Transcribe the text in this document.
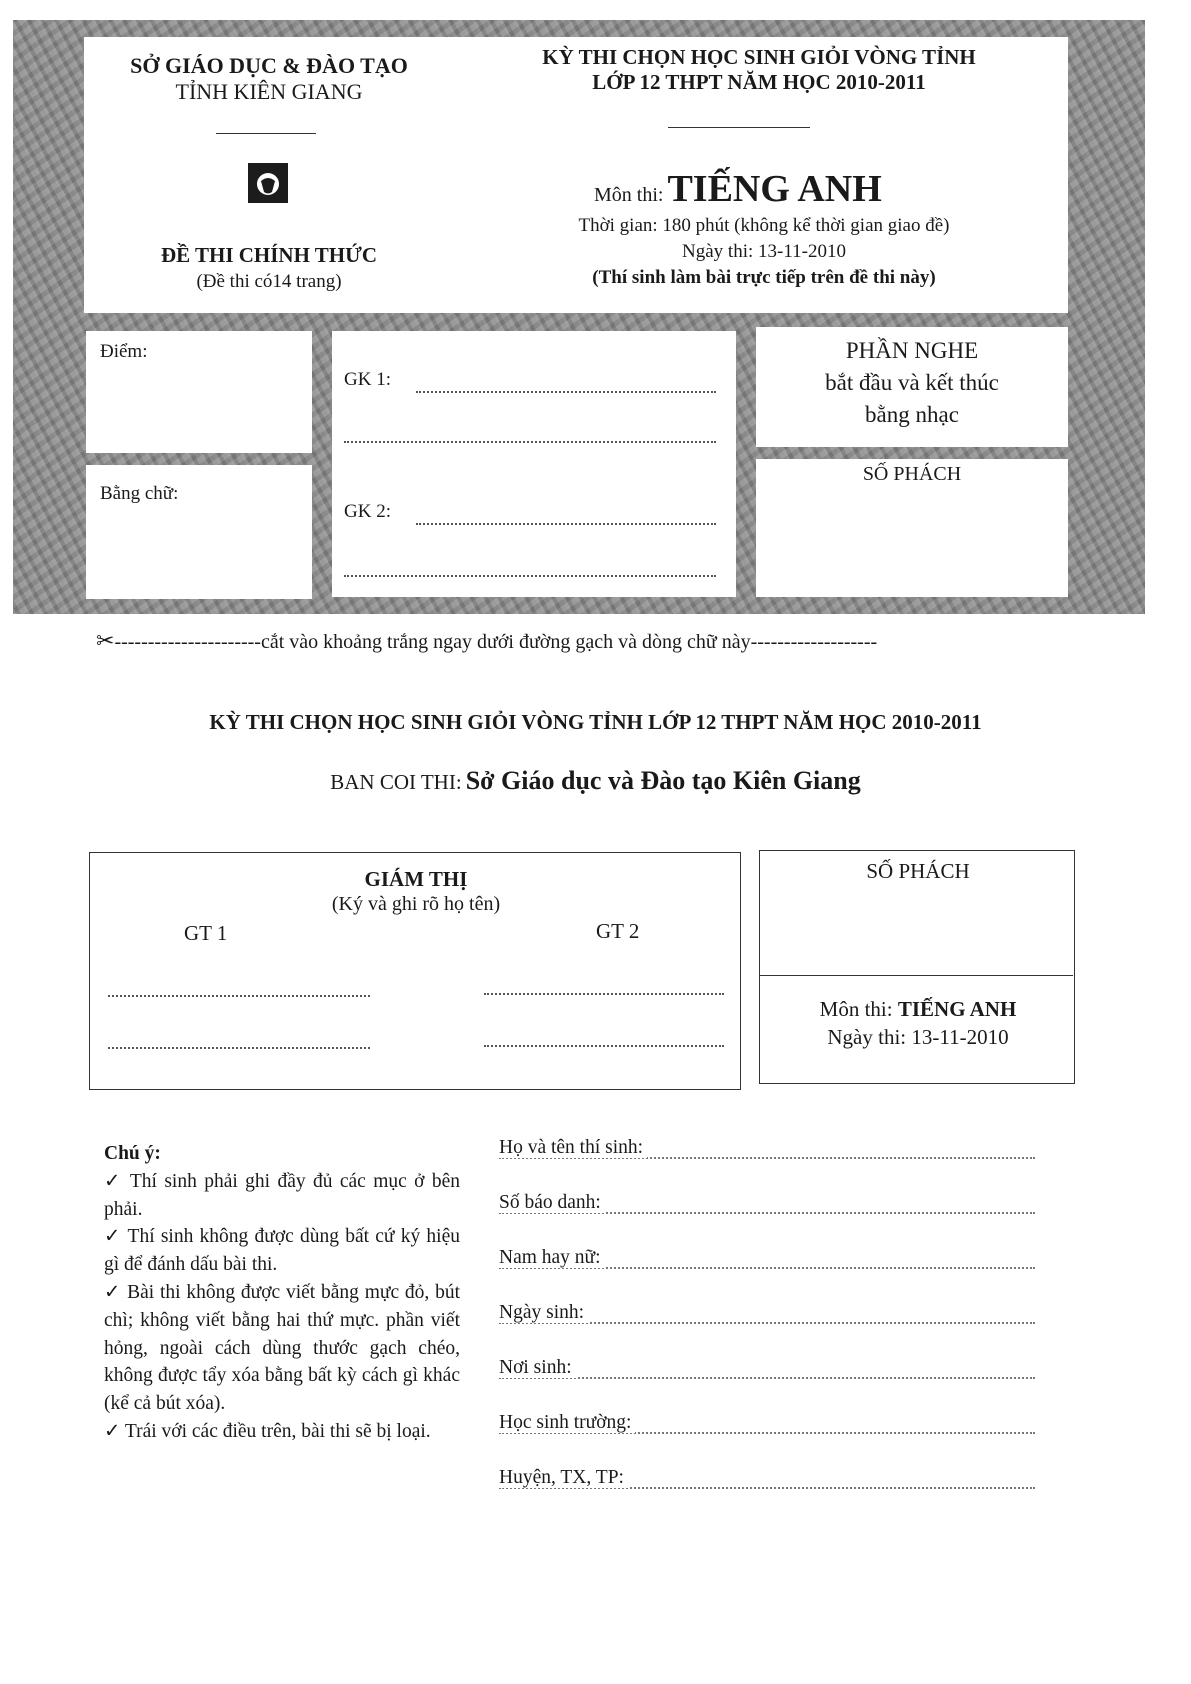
SỞ GIÁO DỤC & ĐÀO TẠO
TỈNH KIÊN GIANG
ĐỀ THI CHÍNH THỨC
(Đề thi có14 trang)
KỲ THI CHỌN HỌC SINH GIỎI VÒNG TỈNH
LỚP 12 THPT NĂM HỌC 2010-2011
Môn thi: TIẾNG ANH
Thời gian: 180 phút (không kể thời gian giao đề)
Ngày thi: 13-11-2010
(Thí sinh làm bài trực tiếp trên đề thi này)
Điểm:
Bằng chữ:
GK 1:
GK 2:
PHẦN NGHE
bắt đầu và kết thúc
bằng nhạc
SỐ PHÁCH
✂----------------------cắt vào khoảng trắng ngay dưới đường gạch và dòng chữ này-------------------
KỲ THI CHỌN HỌC SINH GIỎI VÒNG TỈNH LỚP 12 THPT NĂM HỌC 2010-2011
BAN COI THI: Sở Giáo dục và Đào tạo Kiên Giang
GIÁM THỊ
(Ký và ghi rõ họ tên)
GT 1	GT 2
SỐ PHÁCH
Môn thi: TIẾNG ANH
Ngày thi: 13-11-2010
Chú ý:
✓ Thí sinh phải ghi đầy đủ các mục ở bên phải.
✓ Thí sinh không được dùng bất cứ ký hiệu gì để đánh dấu bài thi.
✓ Bài thi không được viết bằng mực đỏ, bút chì; không viết bằng hai thứ mực. phần viết hỏng, ngoài cách dùng thước gạch chéo, không được tẩy xóa bằng bất kỳ cách gì khác (kể cả bút xóa).
✓ Trái với các điều trên, bài thi sẽ bị loại.
Họ và tên thí sinh:
Số báo danh:
Nam hay nữ:
Ngày sinh:
Nơi sinh:
Học sinh trường:
Huyện, TX, TP:
